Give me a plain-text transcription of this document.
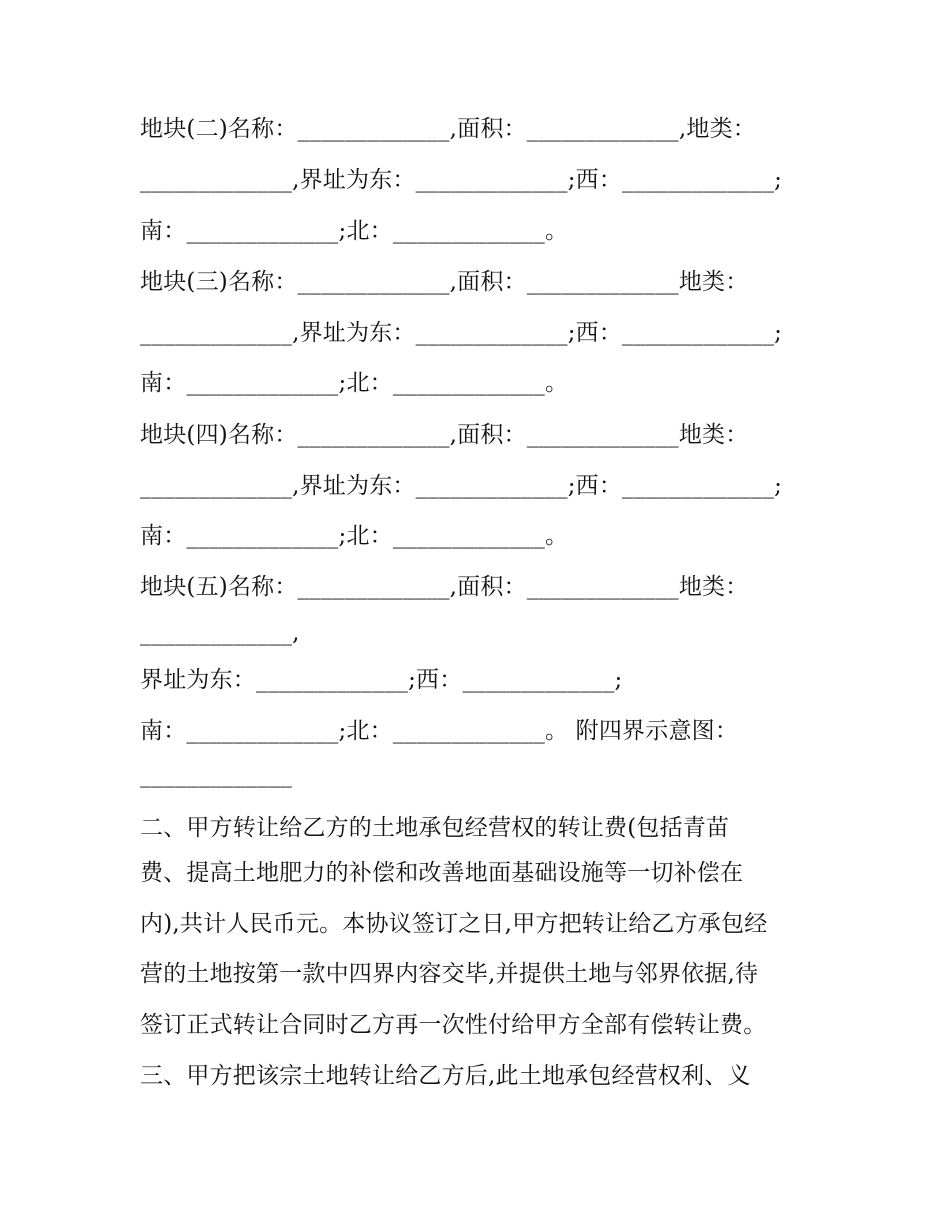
地块(二)名称：_____________,面积：_____________,地类：
_____________,界址为东：_____________;西：_____________;
南：_____________;北：_____________。
地块(三)名称：_____________,面积：_____________地类：
_____________,界址为东：_____________;西：_____________;
南：_____________;北：_____________。
地块(四)名称：_____________,面积：_____________地类：
_____________,界址为东：_____________;西：_____________;
南：_____________;北：_____________。
地块(五)名称：_____________,面积：_____________地类：
_____________,
界址为东：_____________;西：_____________;
南：_____________;北：_____________。 附四界示意图：
_____________
二、甲方转让给乙方的土地承包经营权的转让费(包括青苗
费、提高土地肥力的补偿和改善地面基础设施等一切补偿在
内),共计人民币元。本协议签订之日,甲方把转让给乙方承包经
营的土地按第一款中四界内容交毕,并提供土地与邻界依据,待
签订正式转让合同时乙方再一次性付给甲方全部有偿转让费。
三、甲方把该宗土地转让给乙方后,此土地承包经营权利、义
